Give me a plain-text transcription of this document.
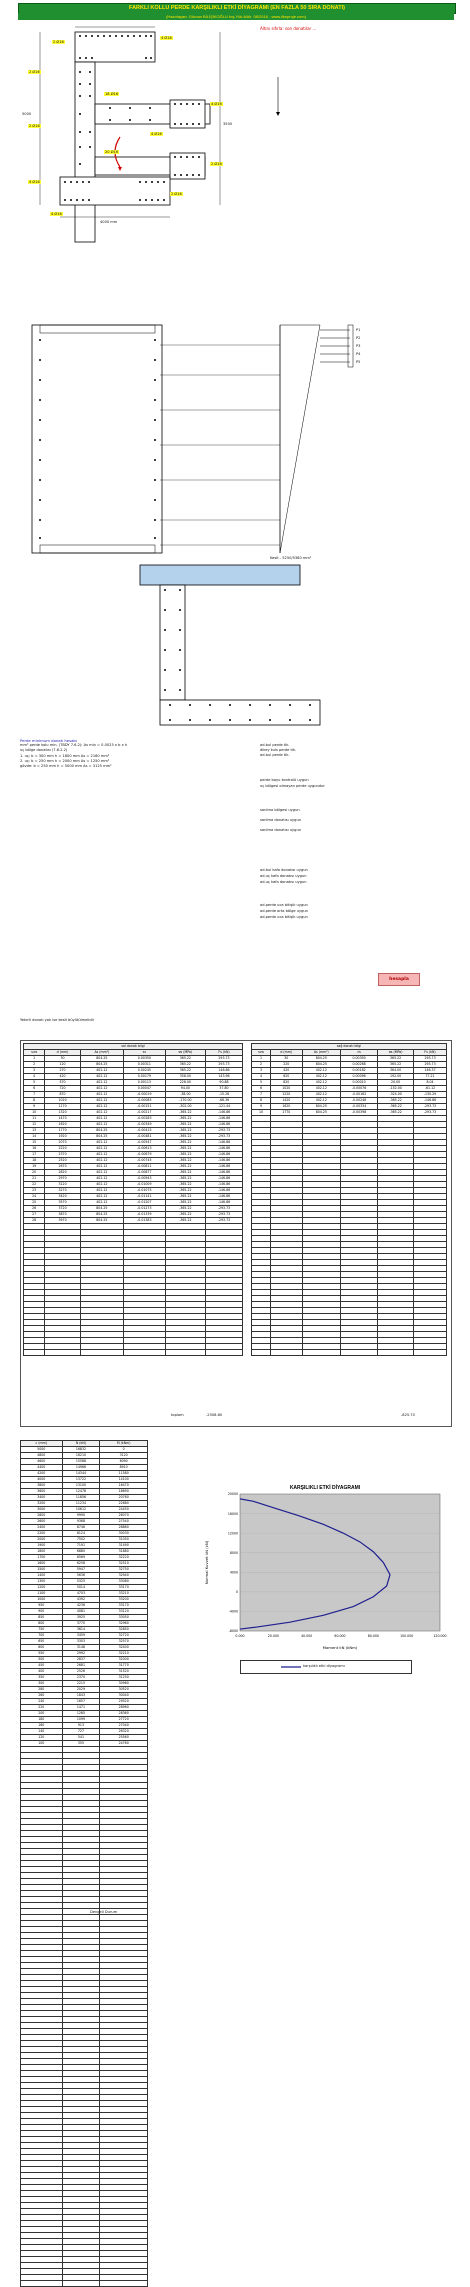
FARKLI KOLLU PERDE KARŞILIKLI ETKİ DİYAGRAMI (EN FAZLA 50 SIRA DONATI)
(Hazırlayan: Gürcan BİLİŞİKOĞLU İnş.Yük.Müh. 08/2016 - www.ilkeproje.com)
Altını sıfırla: son donatılar ...
2 Ø16
4 Ø16
2 Ø16
18 Ø16
4 Ø16
2 Ø16
4 Ø16
20 Ø16
2 Ø16
4 Ø16
2 Ø16
4 Ø16
4000 mm
5000
3500
P1
P2
P3
P4
P5
Kesit - 5250/5380 mm²
Perde minimum donatı hesabı
mm² perde kolu min. (TBDY 7.6.2): As min = 0.0025 x b x h
uç bölge donatısı (7.6.2.2)
1. uç: b = 300 mm h = 1800 mm As = 2160 mm²
2. uç: b = 250 mm h = 2000 mm As = 1250 mm²
gövde: b = 250 mm h = 5000 mm As = 3125 mm²
ad.bul perde tik.
dikey kuls perde tik.
ad.bul perde tik.
perde boyu kontrolü uygun
uç bölgesi olmayan perde uygundur
sarılma bölgesi uygun
sarılma donatısı uygun
sarılma donatısı uygun
ad.bul kafa donatısı uygun
ad.uç kafa donatısı uygun
ad.uç kafa donatısı uygun
ad.perde uca bitişik uygun
ad.perde orta bölge uygun
ad.perde uca bitişik uygun
Yeterli donatı yok ise kesit büyütülmelidir
hesapla
sol donatı bilgi					
sıra	d (mm)	As (mm²)	εs	σs (MPa)	Fs (kN)
1	30	804.25	0.00350	365.22	293.73
2	120	804.25	0.00311	365.22	293.73
3	270	402.12	0.00245	365.22	146.86
4	420	402.12	0.00179	358.00	143.96
5	570	402.12	0.00113	226.00	90.88
6	720	402.12	0.00047	94.00	37.80
7	870	402.12	-0.00019	-38.00	-15.28
8	1020	402.12	-0.00085	-170.00	-68.36
9	1170	402.12	-0.00151	-302.00	-121.44
10	1320	402.12	-0.00217	-365.22	-146.86
11	1470	402.12	-0.00283	-365.22	-146.86
12	1620	402.12	-0.00349	-365.22	-146.86
13	1770	804.25	-0.00415	-365.22	-293.73
14	1920	804.25	-0.00481	-365.22	-293.73
15	2070	402.12	-0.00547	-365.22	-146.86
16	2220	402.12	-0.00613	-365.22	-146.86
17	2370	402.12	-0.00679	-365.22	-146.86
18	2520	402.12	-0.00745	-365.22	-146.86
19	2670	402.12	-0.00811	-365.22	-146.86
20	2820	402.12	-0.00877	-365.22	-146.86
21	2970	402.12	-0.00943	-365.22	-146.86
22	3120	402.12	-0.01009	-365.22	-146.86
23	3270	402.12	-0.01075	-365.22	-146.86
24	3420	402.12	-0.01141	-365.22	-146.86
25	3570	402.12	-0.01207	-365.22	-146.86
26	3720	804.25	-0.01273	-365.22	-293.73
27	3870	804.25	-0.01339	-365.22	-293.73
28	3970	804.25	-0.01383	-365.22	-293.73

sağ donatı bilgi					
sıra	d (mm)	As (mm²)	εs	σs (MPa)	Fs (kN)
1	30	804.25	0.00350	365.22	293.73
2	220	804.25	0.00268	365.22	293.73
3	420	402.12	0.00182	364.00	146.37
4	620	402.12	0.00096	192.00	77.21
5	820	402.12	0.00010	20.00	8.04
6	1020	402.12	-0.00076	-152.00	-61.12
7	1220	402.12	-0.00162	-324.00	-130.29
8	1420	402.12	-0.00248	-365.22	-146.86
9	1620	804.25	-0.00334	-365.22	-293.73
10	1770	804.25	-0.00398	-365.22	-293.73

toplam	-2508.60	-825.70
c (mm)	N (kN)	M (kNm)
5000	16832	0
4800	16210	3120
4600	15588	6090
4400	14966	8910
4200	14344	11580
4000	13722	14100
3800	13100	16470
3600	12478	18690
3400	11856	20760
3200	11234	22680
3000	10612	24450
2800	9990	26070
2600	9368	27540
2400	8746	28860
2200	8124	30030
2000	7502	31050
1900	7191	31490
1800	6880	31880
1700	6569	32220
1600	6258	32510
1500	5947	32750
1400	5636	32940
1300	5325	33080
1200	5014	33170
1100	4703	33210
1000	4392	33200
950	4236	33170
900	4081	33120
850	3925	33050
800	3770	32960
750	3614	32850
700	3459	32720
650	3303	32570
600	3148	32400
550	2992	32210
500	2837	32000
450	2681	31770
400	2526	31520
350	2370	31250
300	2215	30960
280	2029	30520
260	1843	30040
240	1657	29520
220	1471	28960
200	1285	28360
180	1099	27720
160	913	27040
140	727	26320
120	541	25560
100	355	24760

Dengeli Durum
KARŞILIKLI ETKİ DİYAGRAMI
-8000
-4000
0
4000
8000
12000
16000
20000
0.000	20.000	40.000	60.000	80.000	100.000	120.000
Moment kN (kNm)
Normal Kuvvet kN (kN)
karşılıklı etki diyagramı
